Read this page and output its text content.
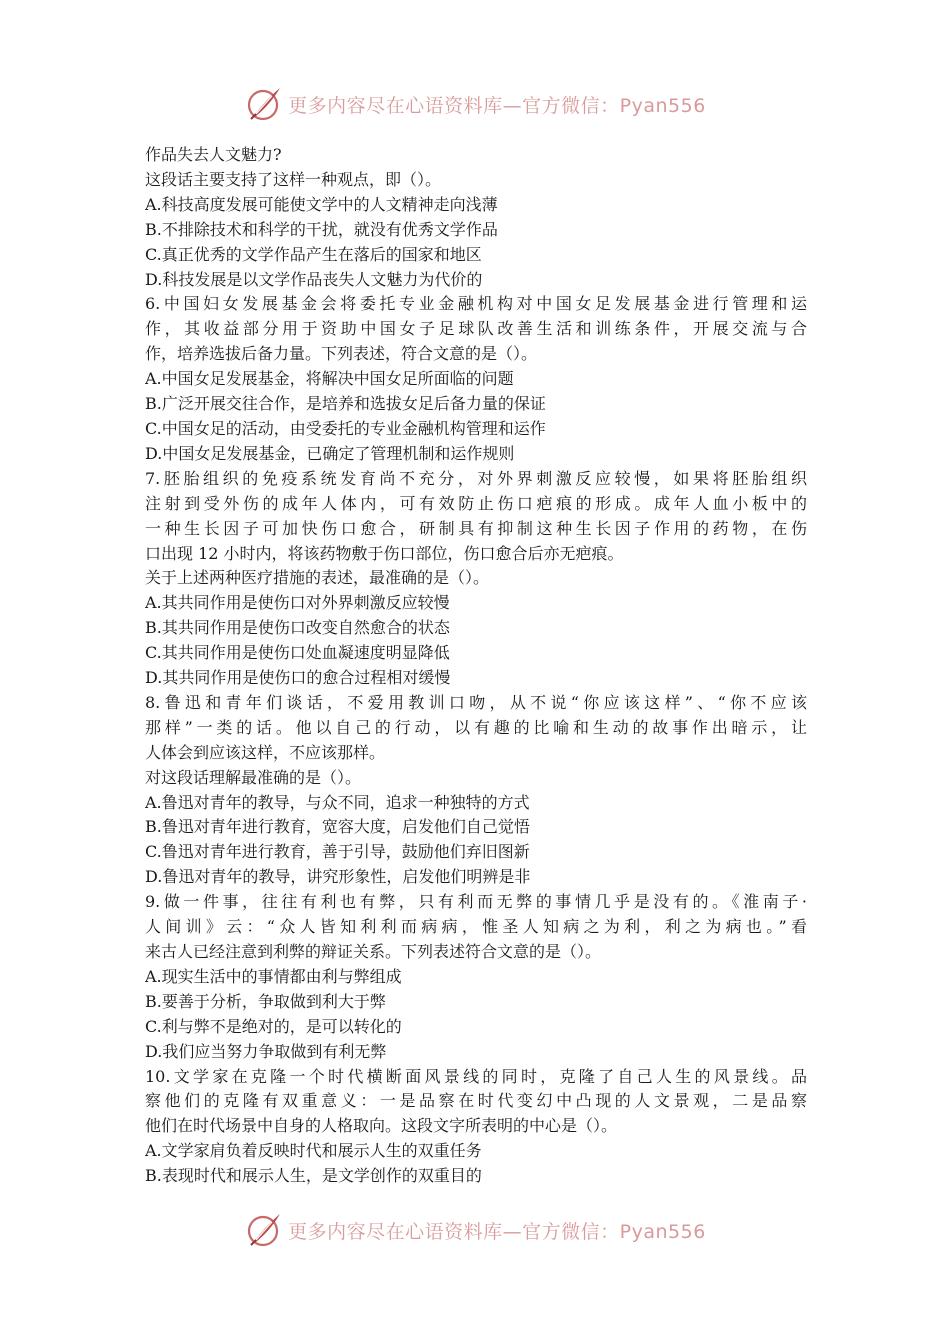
更多内容尽在心语资料库—官方微信：Pyan556
作品失去人文魅力?
这段话主要支持了这样一种观点，即（）。
A.科技高度发展可能使文学中的人文精神走向浅薄
B.不排除技术和科学的干扰，就没有优秀文学作品
C.真正优秀的文学作品产生在落后的国家和地区
D.科技发展是以文学作品丧失人文魅力为代价的
6.中国妇女发展基金会将委托专业金融机构对中国女足发展基金进行管理和运
作，其收益部分用于资助中国女子足球队改善生活和训练条件，开展交流与合
作，培养选拔后备力量。下列表述，符合文意的是（）。
A.中国女足发展基金，将解决中国女足所面临的问题
B.广泛开展交往合作，是培养和选拔女足后备力量的保证
C.中国女足的活动，由受委托的专业金融机构管理和运作
D.中国女足发展基金，已确定了管理机制和运作规则
7.胚胎组织的免疫系统发育尚不充分，对外界刺激反应较慢，如果将胚胎组织
注射到受外伤的成年人体内，可有效防止伤口疤痕的形成。成年人血小板中的
一种生长因子可加快伤口愈合，研制具有抑制这种生长因子作用的药物，在伤
口出现 12 小时内，将该药物敷于伤口部位，伤口愈合后亦无疤痕。
关于上述两种医疗措施的表述，最准确的是（）。
A.其共同作用是使伤口对外界刺激反应较慢
B.其共同作用是使伤口改变自然愈合的状态
C.其共同作用是使伤口处血凝速度明显降低
D.其共同作用是使伤口的愈合过程相对缓慢
8.鲁迅和青年们谈话，不爱用教训口吻，从不说“你应该这样”、“你不应该
那样”一类的话。他以自己的行动，以有趣的比喻和生动的故事作出暗示，让
人体会到应该这样，不应该那样。
对这段话理解最准确的是（）。
A.鲁迅对青年的教导，与众不同，追求一种独特的方式
B.鲁迅对青年进行教育，宽容大度，启发他们自己觉悟
C.鲁迅对青年进行教育，善于引导，鼓励他们弃旧图新
D.鲁迅对青年的教导，讲究形象性，启发他们明辨是非
9.做一件事，往往有利也有弊，只有利而无弊的事情几乎是没有的。《淮南子·
人间训》云：“众人皆知利利而病病，惟圣人知病之为利，利之为病也。”看
来古人已经注意到利弊的辩证关系。下列表述符合文意的是（）。
A.现实生活中的事情都由利与弊组成
B.要善于分析，争取做到利大于弊
C.利与弊不是绝对的，是可以转化的
D.我们应当努力争取做到有利无弊
10.文学家在克隆一个时代横断面风景线的同时，克隆了自己人生的风景线。品
察他们的克隆有双重意义：一是品察在时代变幻中凸现的人文景观，二是品察
他们在时代场景中自身的人格取向。这段文字所表明的中心是（）。
A.文学家肩负着反映时代和展示人生的双重任务
B.表现时代和展示人生，是文学创作的双重目的
更多内容尽在心语资料库—官方微信：Pyan556
